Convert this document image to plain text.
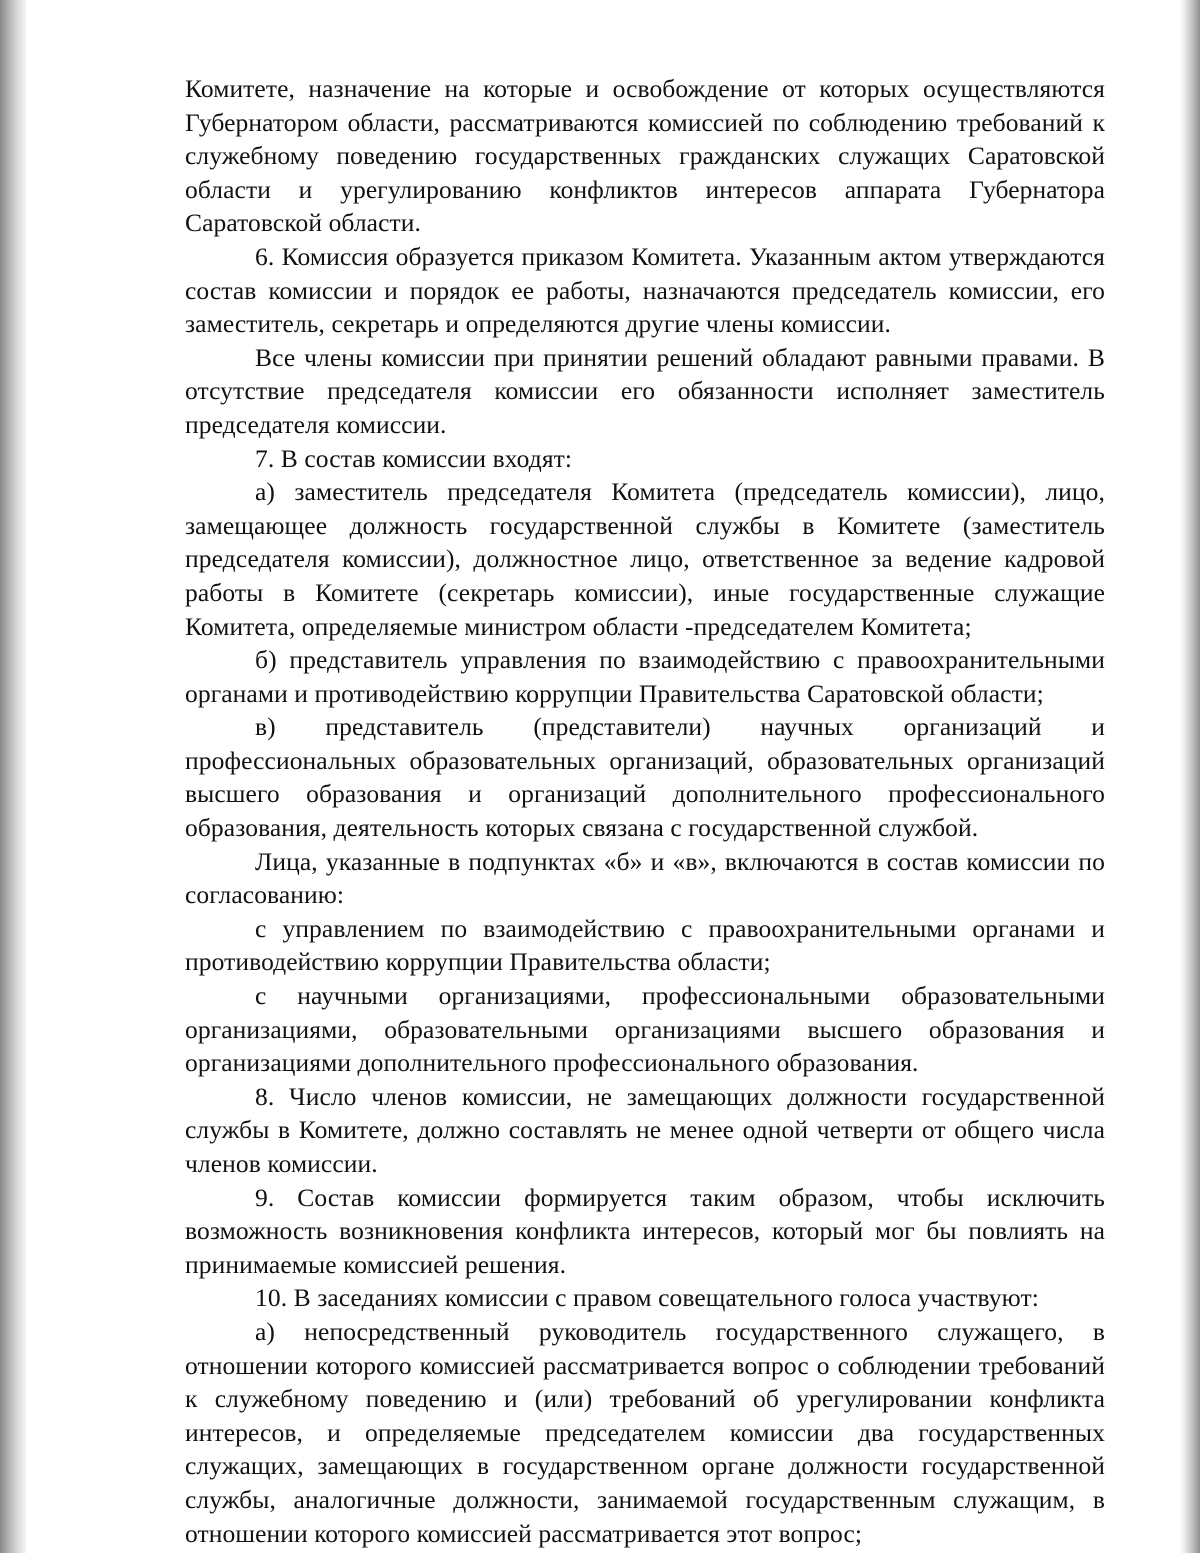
Комитете, назначение на которые и освобождение от которых осуществляются Губернатором области, рассматриваются комиссией по соблюдению требований к служебному поведению государственных гражданских служащих Саратовской области и урегулированию конфликтов интересов аппарата Губернатора Саратовской области.

6. Комиссия образуется приказом Комитета. Указанным актом утверждаются состав комиссии и порядок ее работы, назначаются председатель комиссии, его заместитель, секретарь и определяются другие члены комиссии.

Все члены комиссии при принятии решений обладают равными правами. В отсутствие председателя комиссии его обязанности исполняет заместитель председателя комиссии.

7. В состав комиссии входят:

а) заместитель председателя Комитета (председатель комиссии), лицо, замещающее должность государственной службы в Комитете (заместитель председателя комиссии), должностное лицо, ответственное за ведение кадровой работы в Комитете (секретарь комиссии), иные государственные служащие Комитета, определяемые министром области -председателем Комитета;

б) представитель управления по взаимодействию с правоохранительными органами и противодействию коррупции Правительства Саратовской области;

в) представитель (представители) научных организаций и профессиональных образовательных организаций, образовательных организаций высшего образования и организаций дополнительного профессионального образования, деятельность которых связана с государственной службой.

Лица, указанные в подпунктах «б» и «в», включаются в состав комиссии по согласованию:

с управлением по взаимодействию с правоохранительными органами и противодействию коррупции Правительства области;

с научными организациями, профессиональными образовательными организациями, образовательными организациями высшего образования и организациями дополнительного профессионального образования.

8. Число членов комиссии, не замещающих должности государственной службы в Комитете, должно составлять не менее одной четверти от общего числа членов комиссии.

9. Состав комиссии формируется таким образом, чтобы исключить возможность возникновения конфликта интересов, который мог бы повлиять на принимаемые комиссией решения.

10. В заседаниях комиссии с правом совещательного голоса участвуют:

а) непосредственный руководитель государственного служащего, в отношении которого комиссией рассматривается вопрос о соблюдении требований к служебному поведению и (или) требований об урегулировании конфликта интересов, и определяемые председателем комиссии два государственных служащих, замещающих в государственном органе должности государственной службы, аналогичные должности, занимаемой государственным служащим, в отношении которого комиссией рассматривается этот вопрос;
